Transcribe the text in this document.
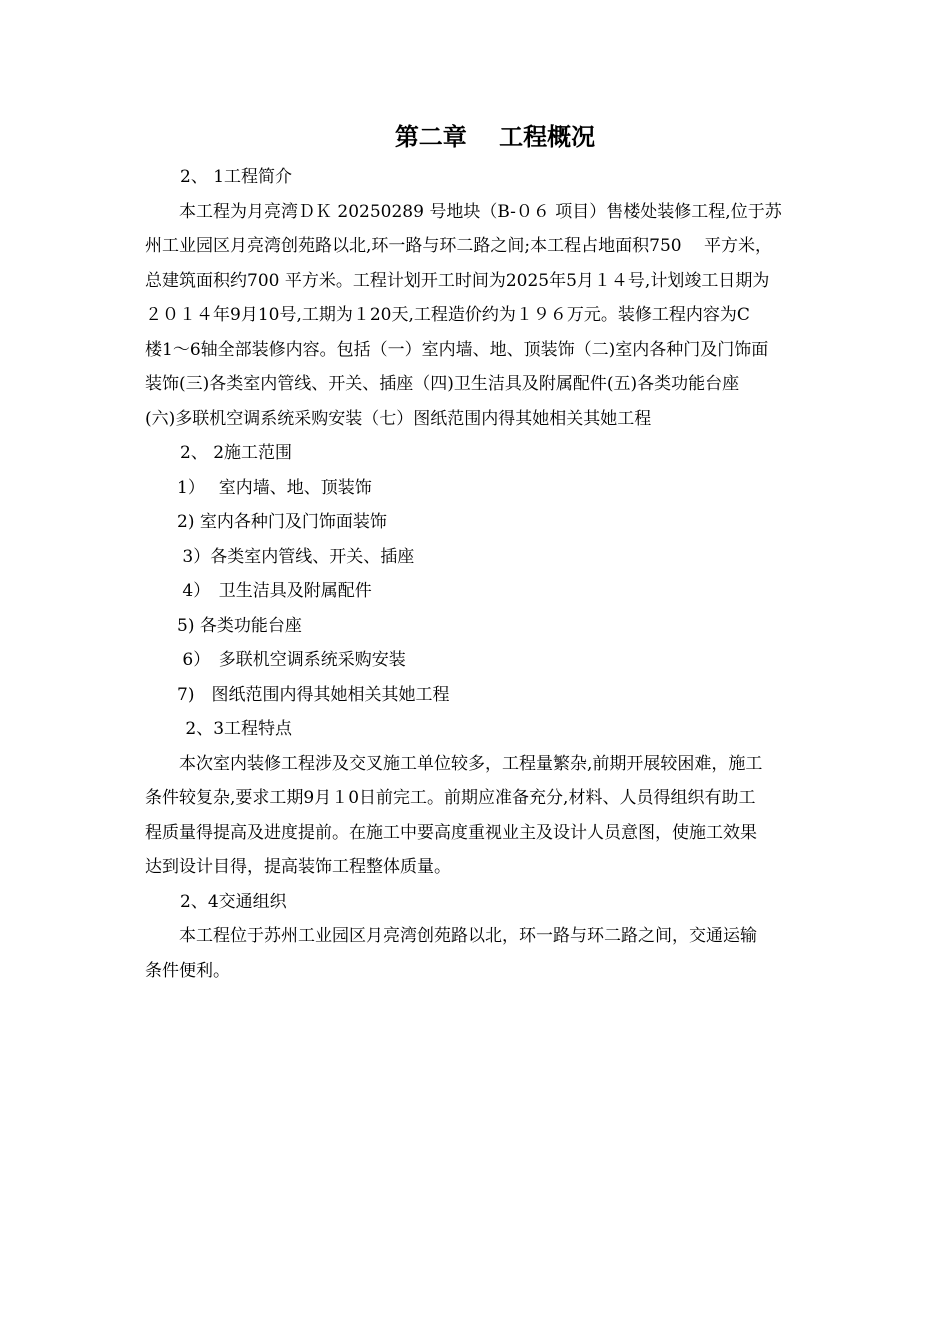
第二章　 工程概况
2、 1工程简介
本工程为月亮湾ＤＫ 20250289 号地块（B-０６ 项目）售楼处装修工程,位于苏
州工业园区月亮湾创苑路以北,环一路与环二路之间;本工程占地面积750　 平方米，
总建筑面积约700 平方米。工程计划开工时间为2025年5月１４号,计划竣工日期为
２０１４年9月10号,工期为１20天,工程造价约为１９６万元。装修工程内容为C
楼1～6轴全部装修内容。包括（一）室内墙、地、顶装饰（二)室内各种门及门饰面
装饰(三)各类室内管线、开关、插座（四)卫生洁具及附属配件(五)各类功能台座
(六)多联机空调系统采购安装（七）图纸范围内得其她相关其她工程
2、 2施工范围
1）　 室内墙、地、顶装饰
2) 室内各种门及门饰面装饰
3）各类室内管线、开关、插座
4）　卫生洁具及附属配件
5) 各类功能台座
6）　多联机空调系统采购安装
7)　图纸范围内得其她相关其她工程
2、3工程特点
本次室内装修工程涉及交叉施工单位较多，工程量繁杂,前期开展较困难，施工
条件较复杂,要求工期9月１0日前完工。前期应准备充分,材料、人员得组织有助工
程质量得提高及进度提前。在施工中要高度重视业主及设计人员意图，使施工效果
达到设计目得，提高装饰工程整体质量。
2、4交通组织
本工程位于苏州工业园区月亮湾创苑路以北，环一路与环二路之间，交通运输
条件便利。
